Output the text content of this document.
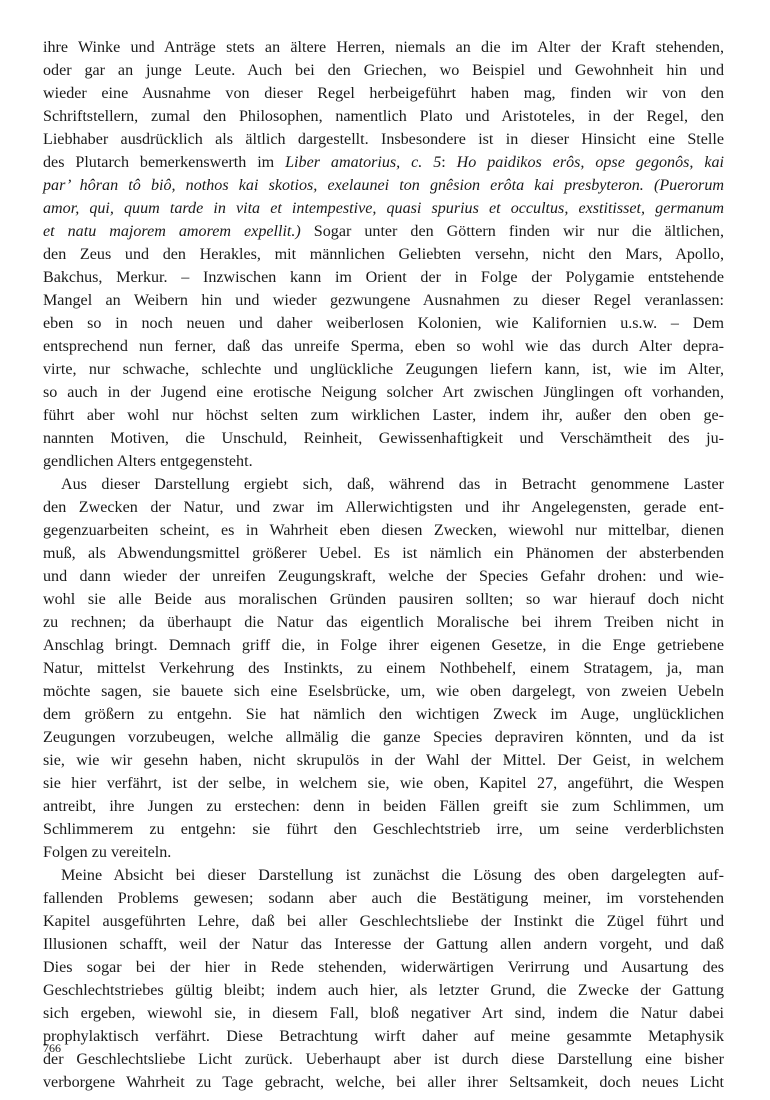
ihre Winke und Anträge stets an ältere Herren, niemals an die im Alter der Kraft stehenden,
oder gar an junge Leute. Auch bei den Griechen, wo Beispiel und Gewohnheit hin und
wieder eine Ausnahme von dieser Regel herbeigeführt haben mag, finden wir von den
Schriftstellern, zumal den Philosophen, namentlich Plato und Aristoteles, in der Regel, den
Liebhaber ausdrücklich als ältlich dargestellt. Insbesondere ist in dieser Hinsicht eine Stelle
des Plutarch bemerkenswerth im Liber amatorius, c. 5: Ho paidikos erôs, opse gegonôs, kai
par’ hôran tô biô, nothos kai skotios, exelaunei ton gnêsion erôta kai presbyteron. (Puerorum
amor, qui, quum tarde in vita et intempestive, quasi spurius et occultus, exstitisset, germanum
et natu majorem amorem expellit.) Sogar unter den Göttern finden wir nur die ältlichen,
den Zeus und den Herakles, mit männlichen Geliebten versehn, nicht den Mars, Apollo,
Bakchus, Merkur. – Inzwischen kann im Orient der in Folge der Polygamie entstehende
Mangel an Weibern hin und wieder gezwungene Ausnahmen zu dieser Regel veranlassen:
eben so in noch neuen und daher weiberlosen Kolonien, wie Kalifornien u.s.w. – Dem
entsprechend nun ferner, daß das unreife Sperma, eben so wohl wie das durch Alter depra-
virte, nur schwache, schlechte und unglückliche Zeugungen liefern kann, ist, wie im Alter,
so auch in der Jugend eine erotische Neigung solcher Art zwischen Jünglingen oft vorhanden,
führt aber wohl nur höchst selten zum wirklichen Laster, indem ihr, außer den oben ge-
nannten Motiven, die Unschuld, Reinheit, Gewissenhaftigkeit und Verschämtheit des ju-
gendlichen Alters entgegensteht.
Aus dieser Darstellung ergiebt sich, daß, während das in Betracht genommene Laster
den Zwecken der Natur, und zwar im Allerwichtigsten und ihr Angelegensten, gerade ent-
gegenzuarbeiten scheint, es in Wahrheit eben diesen Zwecken, wiewohl nur mittelbar, dienen
muß, als Abwendungsmittel größerer Uebel. Es ist nämlich ein Phänomen der absterbenden
und dann wieder der unreifen Zeugungskraft, welche der Species Gefahr drohen: und wie-
wohl sie alle Beide aus moralischen Gründen pausiren sollten; so war hierauf doch nicht
zu rechnen; da überhaupt die Natur das eigentlich Moralische bei ihrem Treiben nicht in
Anschlag bringt. Demnach griff die, in Folge ihrer eigenen Gesetze, in die Enge getriebene
Natur, mittelst Verkehrung des Instinkts, zu einem Nothbehelf, einem Stratagem, ja, man
möchte sagen, sie bauete sich eine Eselsbrücke, um, wie oben dargelegt, von zweien Uebeln
dem größern zu entgehn. Sie hat nämlich den wichtigen Zweck im Auge, unglücklichen
Zeugungen vorzubeugen, welche allmälig die ganze Species depraviren könnten, und da ist
sie, wie wir gesehn haben, nicht skrupulös in der Wahl der Mittel. Der Geist, in welchem
sie hier verfährt, ist der selbe, in welchem sie, wie oben, Kapitel 27, angeführt, die Wespen
antreibt, ihre Jungen zu erstechen: denn in beiden Fällen greift sie zum Schlimmen, um
Schlimmerem zu entgehn: sie führt den Geschlechtstrieb irre, um seine verderblichsten
Folgen zu vereiteln.
Meine Absicht bei dieser Darstellung ist zunächst die Lösung des oben dargelegten auf-
fallenden Problems gewesen; sodann aber auch die Bestätigung meiner, im vorstehenden
Kapitel ausgeführten Lehre, daß bei aller Geschlechtsliebe der Instinkt die Zügel führt und
Illusionen schafft, weil der Natur das Interesse der Gattung allen andern vorgeht, und daß
Dies sogar bei der hier in Rede stehenden, widerwärtigen Verirrung und Ausartung des
Geschlechtstriebes gültig bleibt; indem auch hier, als letzter Grund, die Zwecke der Gattung
sich ergeben, wiewohl sie, in diesem Fall, bloß negativer Art sind, indem die Natur dabei
prophylaktisch verfährt. Diese Betrachtung wirft daher auf meine gesammte Metaphysik
der Geschlechtsliebe Licht zurück. Ueberhaupt aber ist durch diese Darstellung eine bisher
verborgene Wahrheit zu Tage gebracht, welche, bei aller ihrer Seltsamkeit, doch neues Licht
766
